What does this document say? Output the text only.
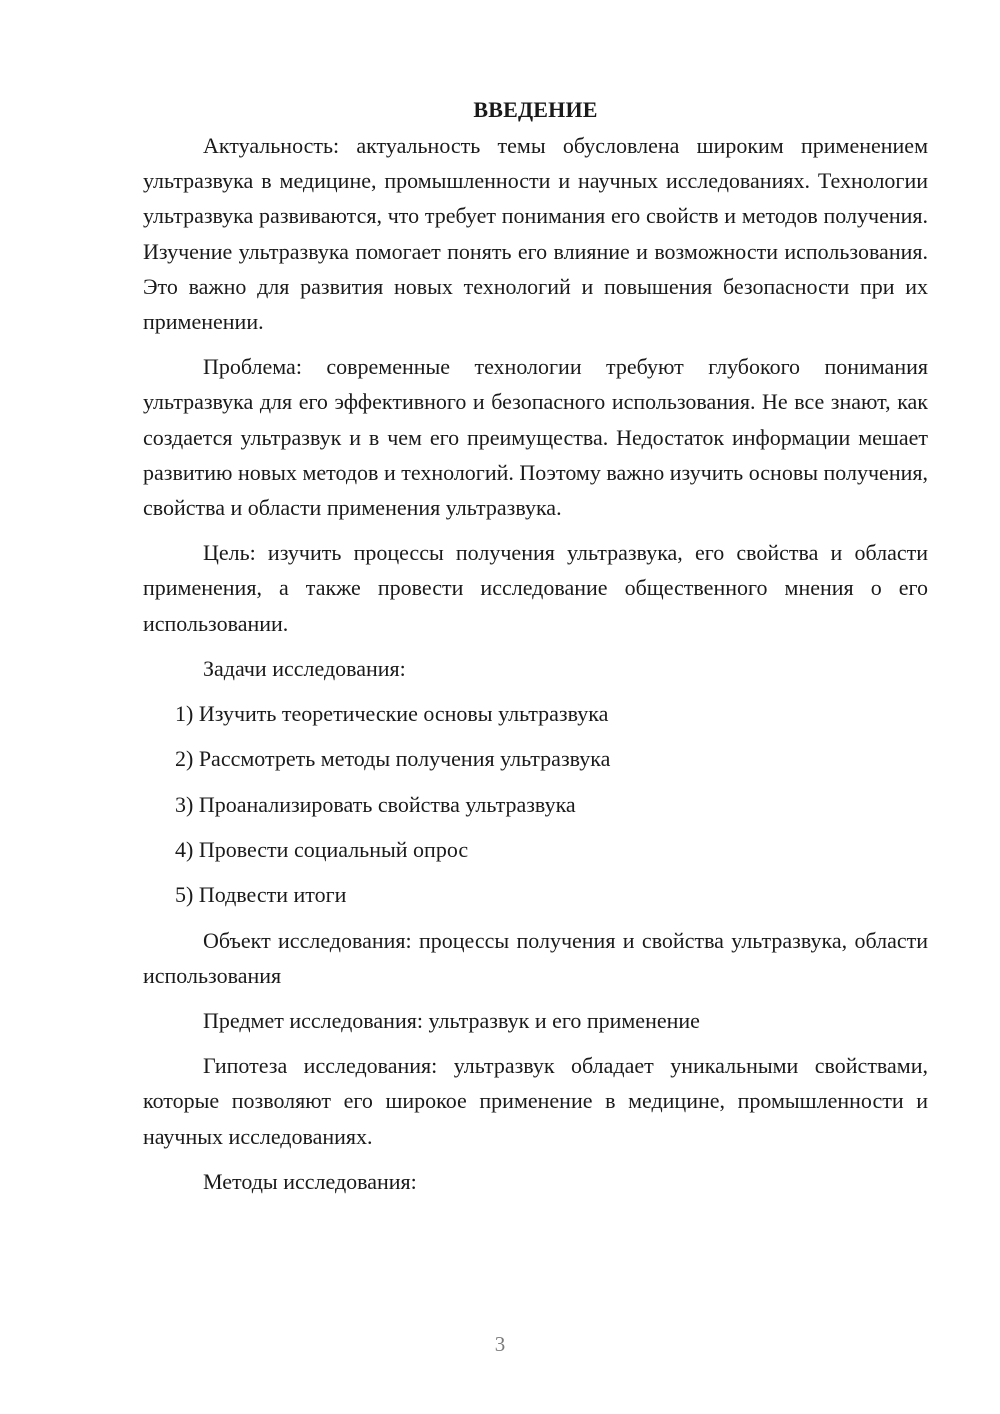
ВВЕДЕНИЕ

Актуальность: актуальность темы обусловлена широким применением ультразвука в медицине, промышленности и научных исследованиях. Технологии ультразвука развиваются, что требует понимания его свойств и методов получения. Изучение ультразвука помогает понять его влияние и возможности использования. Это важно для развития новых технологий и повышения безопасности при их применении.

Проблема: современные технологии требуют глубокого понимания ультразвука для его эффективного и безопасного использования. Не все знают, как создается ультразвук и в чем его преимущества. Недостаток информации мешает развитию новых методов и технологий. Поэтому важно изучить основы получения, свойства и области применения ультразвука.

Цель: изучить процессы получения ультразвука, его свойства и области применения, а также провести исследование общественного мнения о его использовании.

Задачи исследования:

1) Изучить теоретические основы ультразвука
2) Рассмотреть методы получения ультразвука
3) Проанализировать свойства ультразвука
4) Провести социальный опрос
5) Подвести итоги

Объект исследования: процессы получения и свойства ультразвука, области использования

Предмет исследования: ультразвук и его применение

Гипотеза исследования: ультразвук обладает уникальными свойствами, которые позволяют его широкое применение в медицине, промышленности и научных исследованиях.

Методы исследования:

3
